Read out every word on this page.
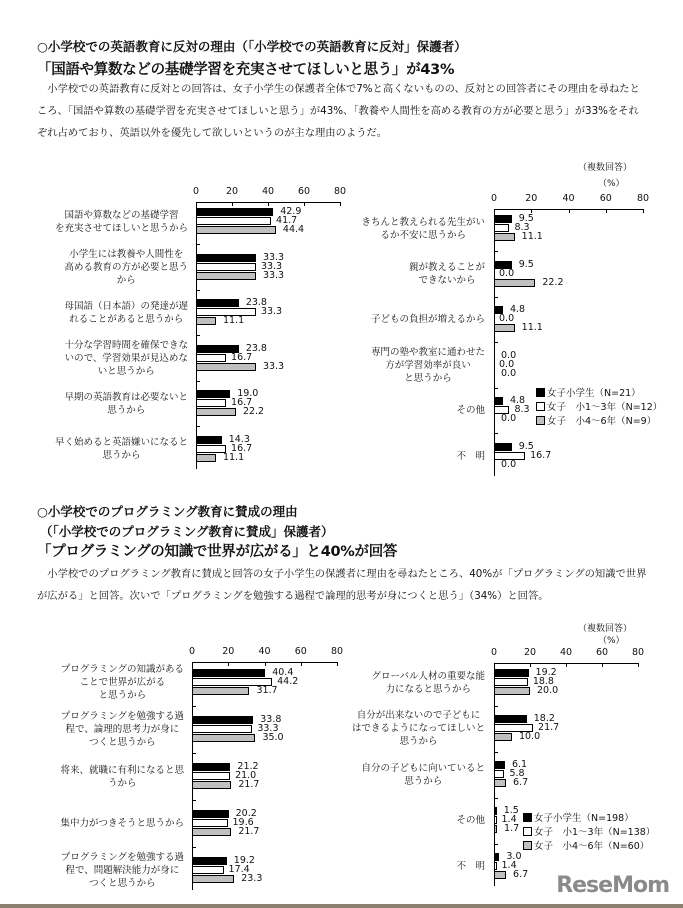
○小学校での英語教育に反対の理由（「小学校での英語教育に反対」保護者）
「国語や算数などの基礎学習を充実させてほしいと思う」が43%
　小学校での英語教育に反対との回答は、女子小学生の保護者全体で7%と高くないものの、反対との回答者にその理由を尋ねたところ、「国語や算数の基礎学習を充実させてほしいと思う」が43%、「教養や人間性を高める教育の方が必要と思う」が33%をそれぞれ占めており、英語以外を優先して欲しいというのが主な理由のようだ。
（複数回答）
（%）
○小学校でのプログラミング教育に賛成の理由
（「小学校でのプログラミング教育に賛成」保護者）
「プログラミングの知識で世界が広がる」と40%が回答
　小学校でのプログラミング教育に賛成と回答の女子小学生の保護者に理由を尋ねたところ、40%が「プログラミングの知識で世界が広がる」と回答。次いで「プログラミングを勉強する過程で論理的思考が身につくと思う」（34%）と回答。
（複数回答）
（%）
0	20	40	60	80
国語や算数などの基礎学習
を充実させてほしいと思うから
42.9
41.7
44.4
小学生には教養や人間性を
高める教育の方が必要と思う
から
33.3
33.3
33.3
母国語（日本語）の発達が遅
れることがあると思うから
23.8
33.3
11.1
十分な学習時間を確保できな
いので、学習効果が見込めな
いと思うから
23.8
16.7
33.3
早期の英語教育は必要ないと
思うから
19.0
16.7
22.2
早く始めると英語嫌いになると
思うから
14.3
16.7
11.1
0	20	40	60	80
きちんと教えられる先生がい
るか不安に思うから
9.5
8.3
11.1
親が教えることが
できないから
9.5
0.0
22.2
子どもの負担が増えるから
4.8
0.0
11.1
専門の塾や教室に通わせた
方が学習効率が良い
と思うから
0.0
0.0
0.0
その他
4.8
8.3
0.0
不　明
9.5
16.7
0.0
女子小学生（N=21）
女子　小1～3年（N=12）
女子　小4～6年（N=9）
0	20	40	60	80
プログラミングの知識がある
ことで世界が広がる
と思うから
40.4
44.2
31.7
プログラミングを勉強する過
程で、論理的思考力が身に
つくと思うから
33.8
33.3
35.0
将来、就職に有利になると思
うから
21.2
21.0
21.7
集中力がつきそうと思うから
20.2
19.6
21.7
プログラミングを勉強する過
程で、問題解決能力が身に
つくと思うから
19.2
17.4
23.3
0	20	40	60	80
グローバル人材の重要な能
力になると思うから
19.2
18.8
20.0
自分が出来ないので子どもに
はできるようになってほしいと
思うから
18.2
21.7
10.0
自分の子どもに向いていると
思うから
6.1
5.8
6.7
その他
1.5
1.4
1.7
不　明
3.0
1.4
6.7
女子小学生（N=198）
女子　小1～3年（N=138）
女子　小4～6年（N=60）
ReseMom
